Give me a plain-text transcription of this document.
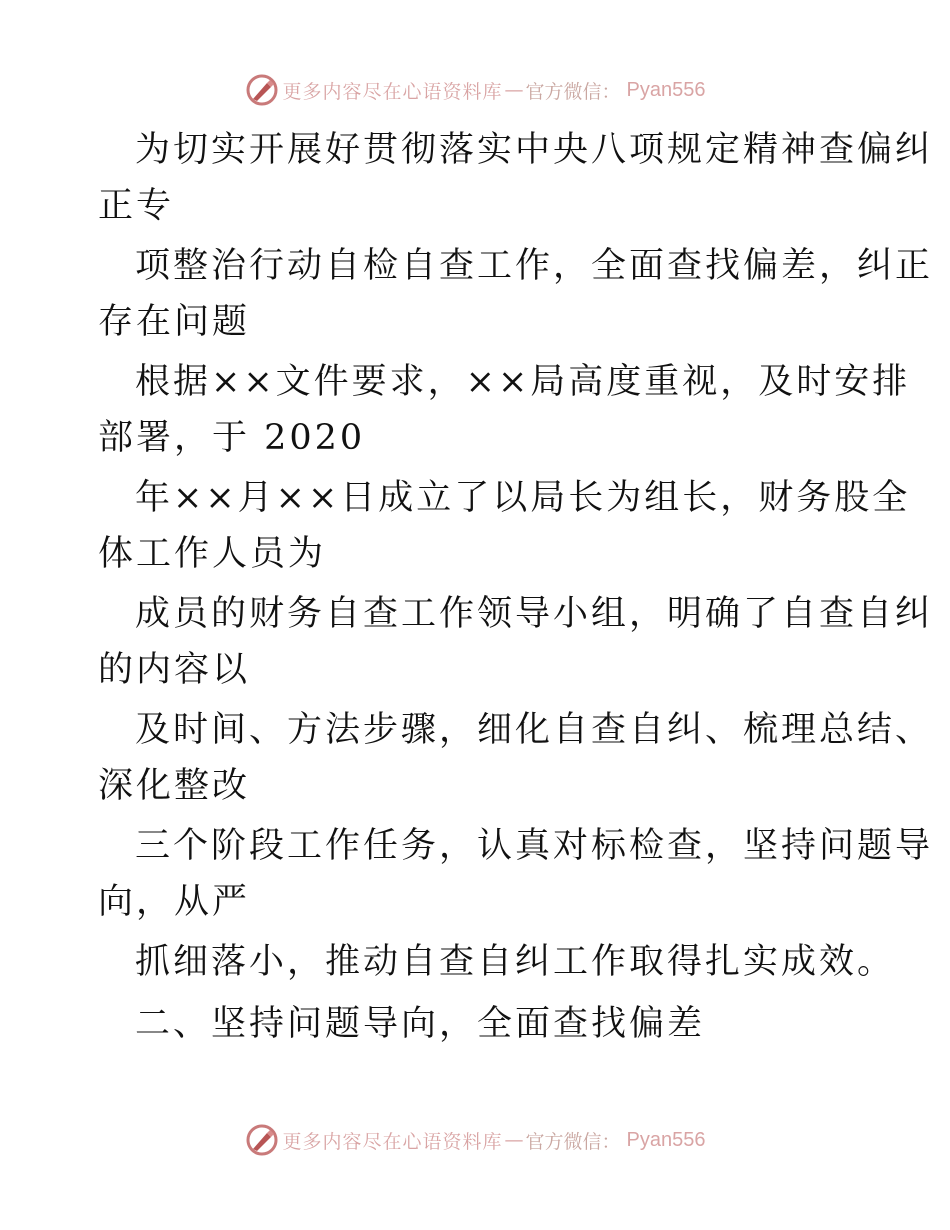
更多内容尽在心语资料库 — 官方微信： Pyan556
为切实开展好贯彻落实中央八项规定精神查偏纠
正专
项整治行动自检自查工作，全面查找偏差，纠正
存在问题
根据××文件要求，××局高度重视，及时安排
部署，于 2020
年××月××日成立了以局长为组长，财务股全
体工作人员为
成员的财务自查工作领导小组，明确了自查自纠
的内容以
及时间、方法步骤，细化自查自纠、梳理总结、
深化整改
三个阶段工作任务，认真对标检查，坚持问题导
向，从严
抓细落小，推动自查自纠工作取得扎实成效。
二、坚持问题导向，全面查找偏差
更多内容尽在心语资料库 — 官方微信： Pyan556
